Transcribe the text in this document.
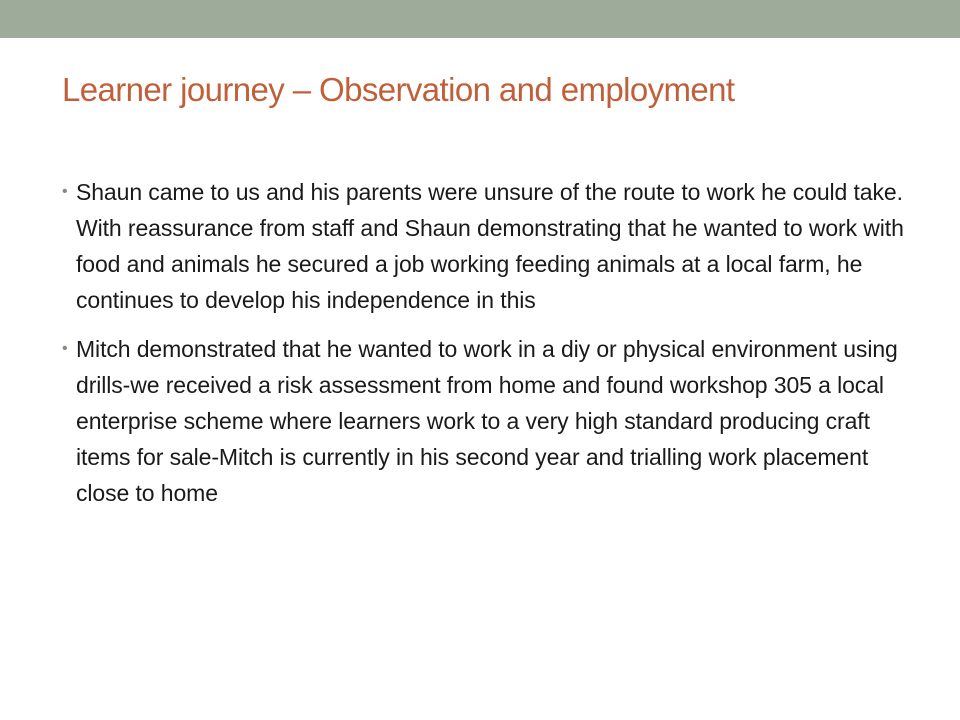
Learner journey – Observation and employment
• Shaun came to us and his parents were unsure of the route to work he could take. With reassurance from staff and Shaun demonstrating that he wanted to work with food and animals he secured a job working feeding animals at a local farm, he continues to develop his independence in this
• Mitch demonstrated that he wanted to work in a diy or physical environment using drills-we received a risk assessment from home and found workshop 305 a local enterprise scheme where learners work to a very high standard producing craft items for sale-Mitch is currently in his second year and trialling work placement close to home
